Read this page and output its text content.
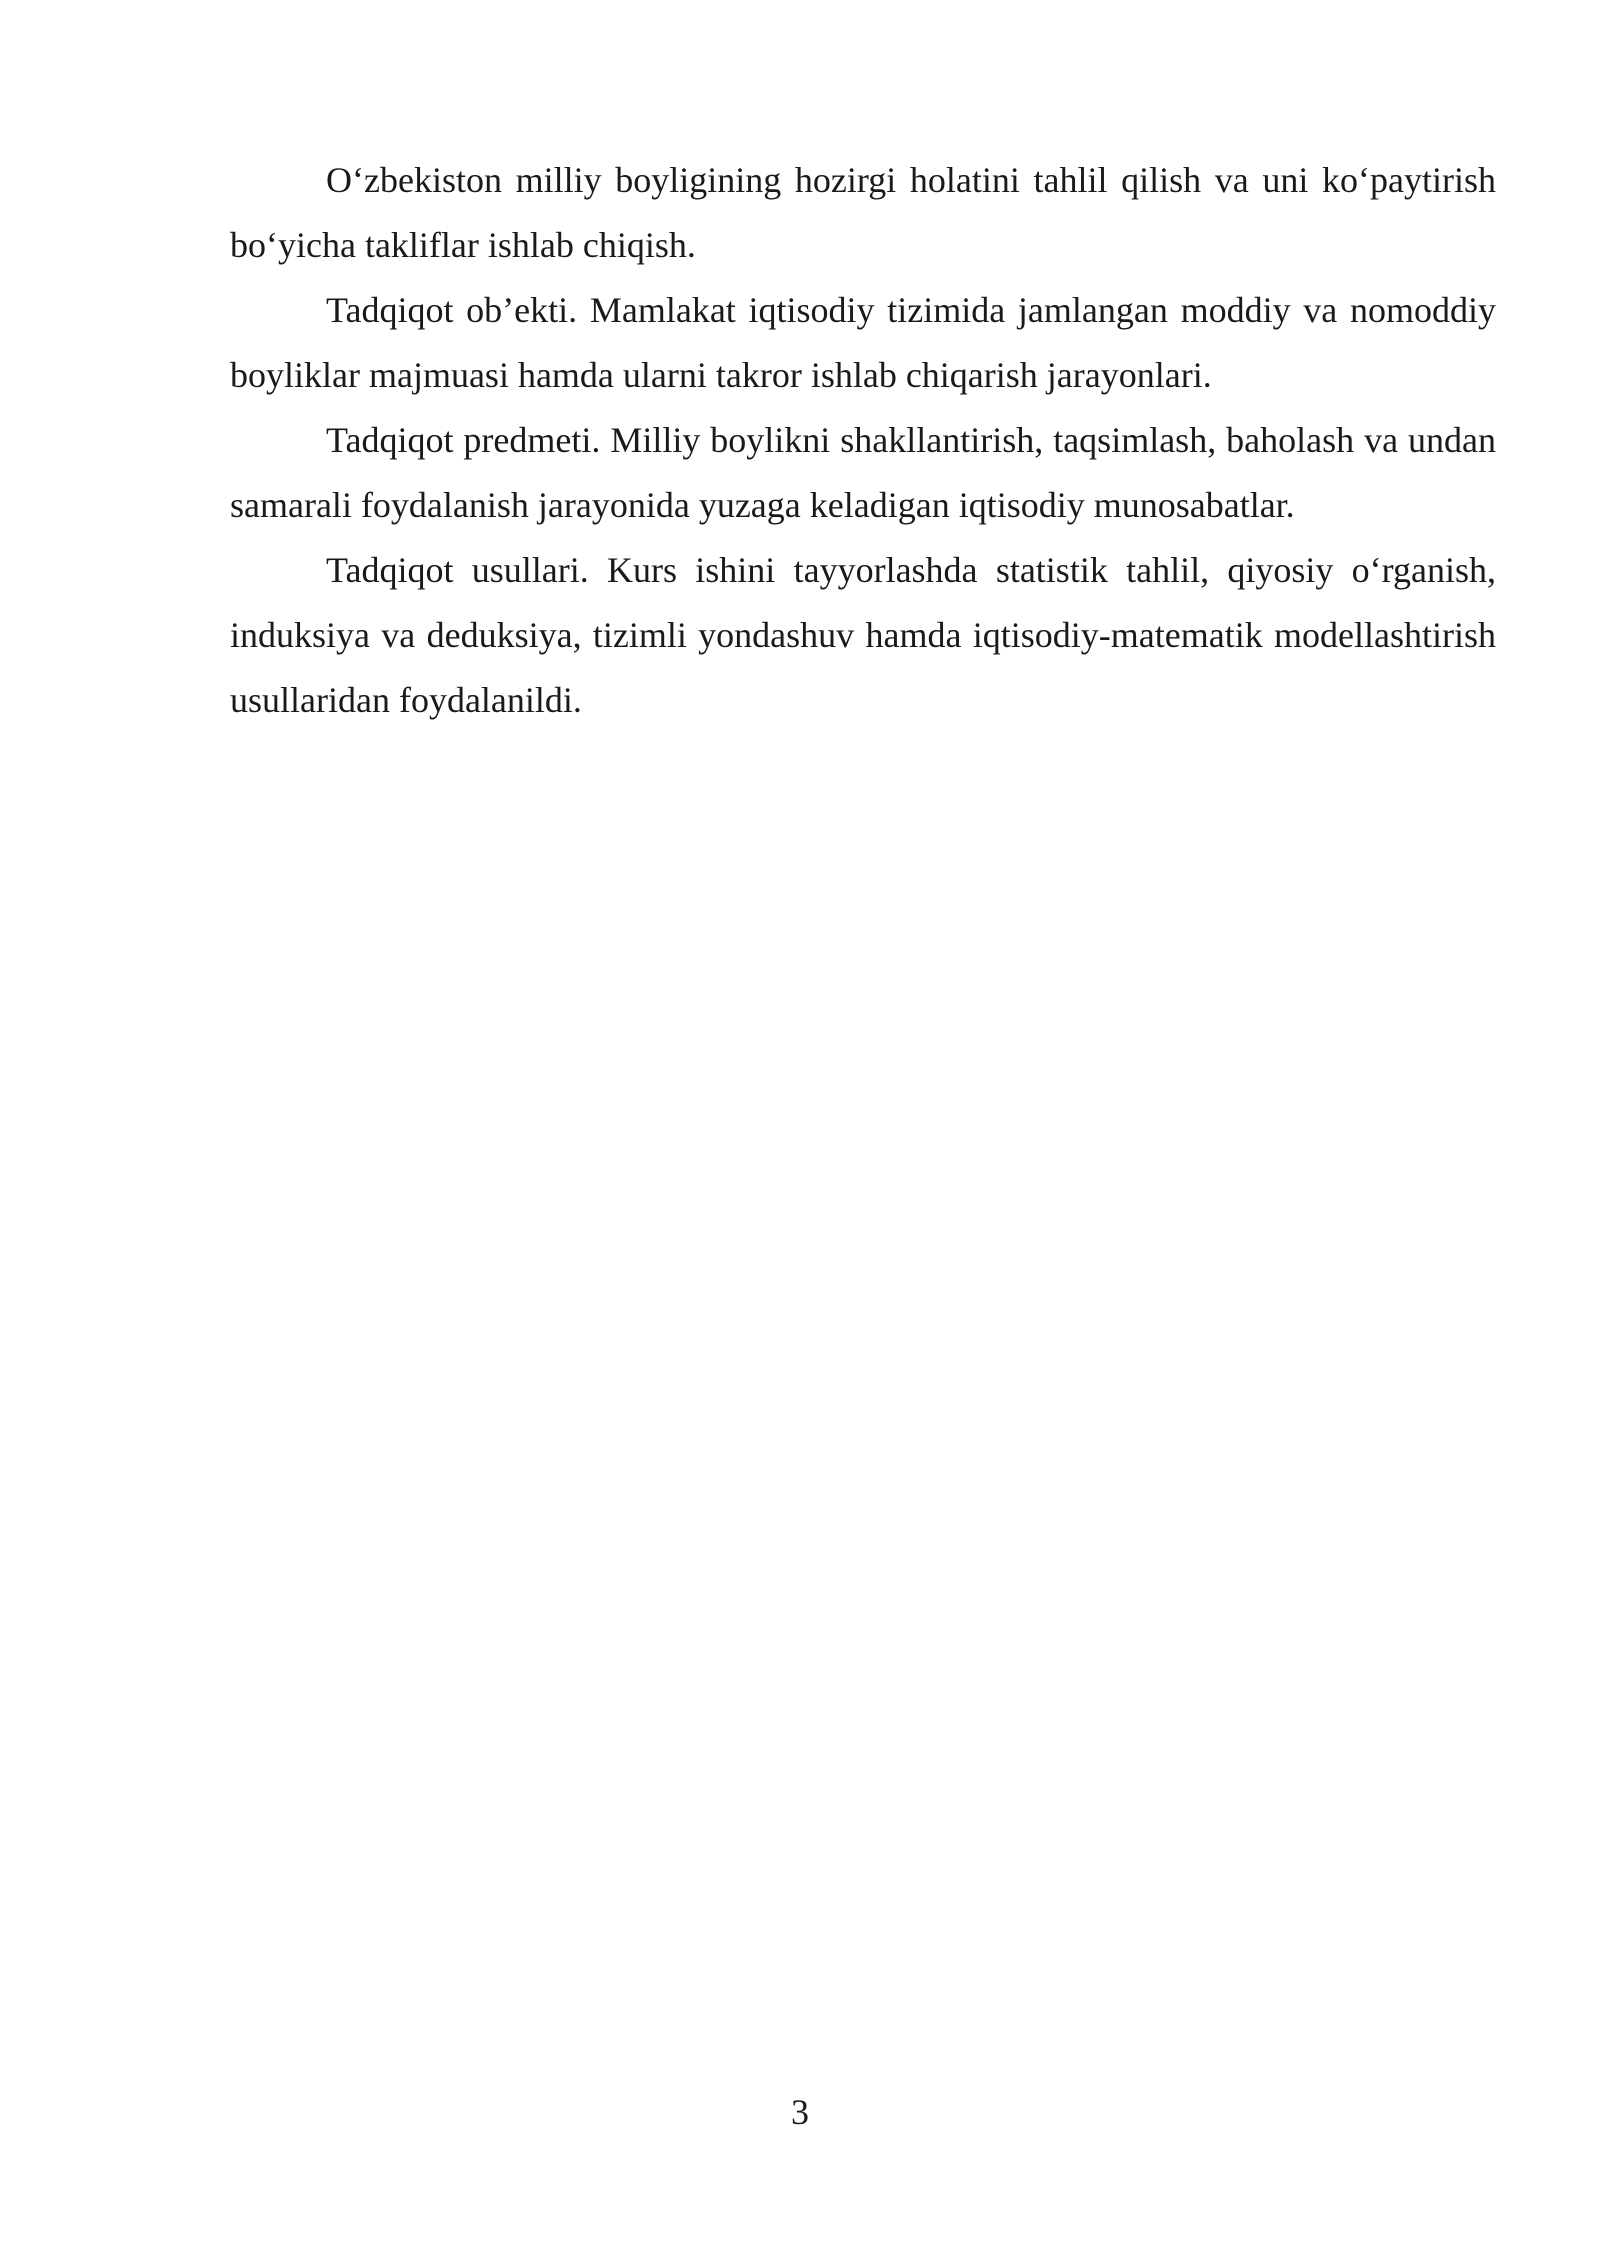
O‘zbekiston milliy boyligining hozirgi holatini tahlil qilish va uni ko‘paytirish bo‘yicha takliflar ishlab chiqish.

Tadqiqot ob’ekti. Mamlakat iqtisodiy tizimida jamlangan moddiy va nomoddiy boyliklar majmuasi hamda ularni takror ishlab chiqarish jarayonlari.

Tadqiqot predmeti. Milliy boylikni shakllantirish, taqsimlash, baholash va undan samarali foydalanish jarayonida yuzaga keladigan iqtisodiy munosabatlar.

Tadqiqot usullari. Kurs ishini tayyorlashda statistik tahlil, qiyosiy o‘rganish, induksiya va deduksiya, tizimli yondashuv hamda iqtisodiy-matematik modellashtirish usullaridan foydalanildi.

3
